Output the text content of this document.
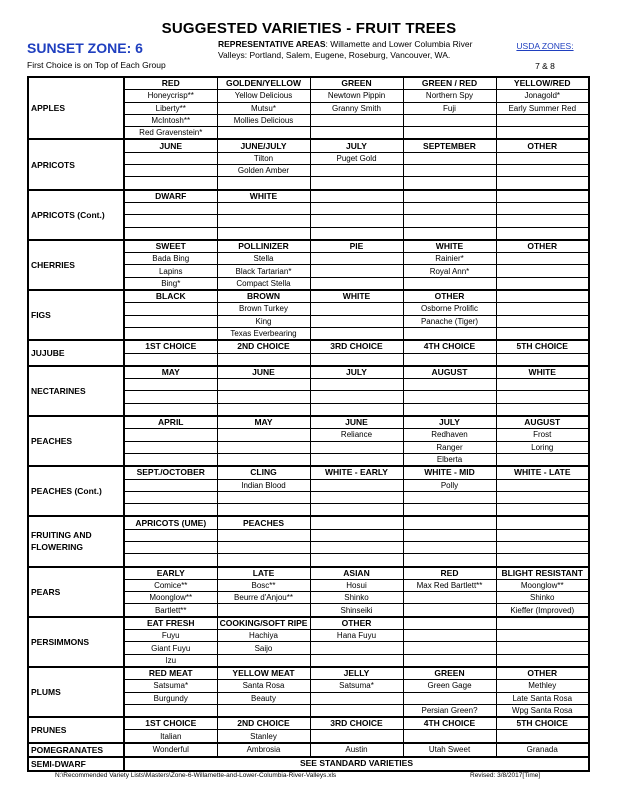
SUGGESTED VARIETIES - FRUIT TREES
SUNSET ZONE: 6
First Choice is on Top of Each Group
REPRESENTATIVE AREAS: Willamette and Lower Columbia River Valleys: Portland, Salem, Eugene, Roseburg, Vancouver, WA.
USDA ZONES:
7 & 8
APPLES	RED	GOLDEN/YELLOW	GREEN	GREEN / RED	YELLOW/RED
	Honeycrisp**	Yellow Delicious	Newtown Pippin	Northern Spy	Jonagold*
	Liberty**	Mutsu*	Granny Smith	Fuji	Early Summer Red
	McIntosh**	Mollies Delicious			
	Red Gravenstein*				
APRICOTS	JUNE	JUNE/JULY	JULY	SEPTEMBER	OTHER
		Tilton	Puget Gold		
		Golden Amber			

APRICOTS (Cont.)	DWARF	WHITE			

CHERRIES	SWEET	POLLINIZER	PIE	WHITE	OTHER
	Bada Bing	Stella		Rainier*	
	Lapins	Black Tartarian*		Royal Ann*	
	Bing*	Compact Stella			
FIGS	BLACK	BROWN	WHITE	OTHER	
		Brown Turkey		Osborne Prolific	
		King		Panache (Tiger)	
		Texas Everbearing			
JUJUBE	1ST CHOICE	2ND CHOICE	3RD CHOICE	4TH CHOICE	5TH CHOICE

NECTARINES	MAY	JUNE	JULY	AUGUST	WHITE

PEACHES	APRIL	MAY	JUNE	JULY	AUGUST
			Reliance	Redhaven	Frost
				Ranger	Loring
				Elberta	
PEACHES (Cont.)	SEPT./OCTOBER	CLING	WHITE - EARLY	WHITE - MID	WHITE - LATE
		Indian Blood		Polly	

FRUITING AND FLOWERING	APRICOTS (UME)	PEACHES			

PEARS	EARLY	LATE	ASIAN	RED	BLIGHT RESISTANT
	Comice**	Bosc**	Hosui	Max Red Bartlett**	Moonglow**
	Moonglow**	Beurre d'Anjou**	Shinko		Shinko
	Bartlett**		Shinseiki		Kieffer (Improved)
PERSIMMONS	EAT FRESH	COOKING/SOFT RIPE	OTHER		
	Fuyu	Hachiya	Hana Fuyu		
	Giant Fuyu	Saijo			
	Izu				
PLUMS	RED MEAT	YELLOW MEAT	JELLY	GREEN	OTHER
	Satsuma*	Santa Rosa	Satsuma*	Green Gage	Methley
	Burgundy	Beauty			Late Santa Rosa
				Persian Green?	Wpg Santa Rosa
PRUNES	1ST CHOICE	2ND CHOICE	3RD CHOICE	4TH CHOICE	5TH CHOICE
	Italian	Stanley			
POMEGRANATES	Wonderful	Ambrosia	Austin	Utah Sweet	Granada
SEMI-DWARF	SEE STANDARD VARIETIES				
N:\Recommended Variety Lists\Masters\Zone-6-Willamette-and-Lower-Columbia-River-Valleys.xls	Revised: 3/8/2017[Time]
